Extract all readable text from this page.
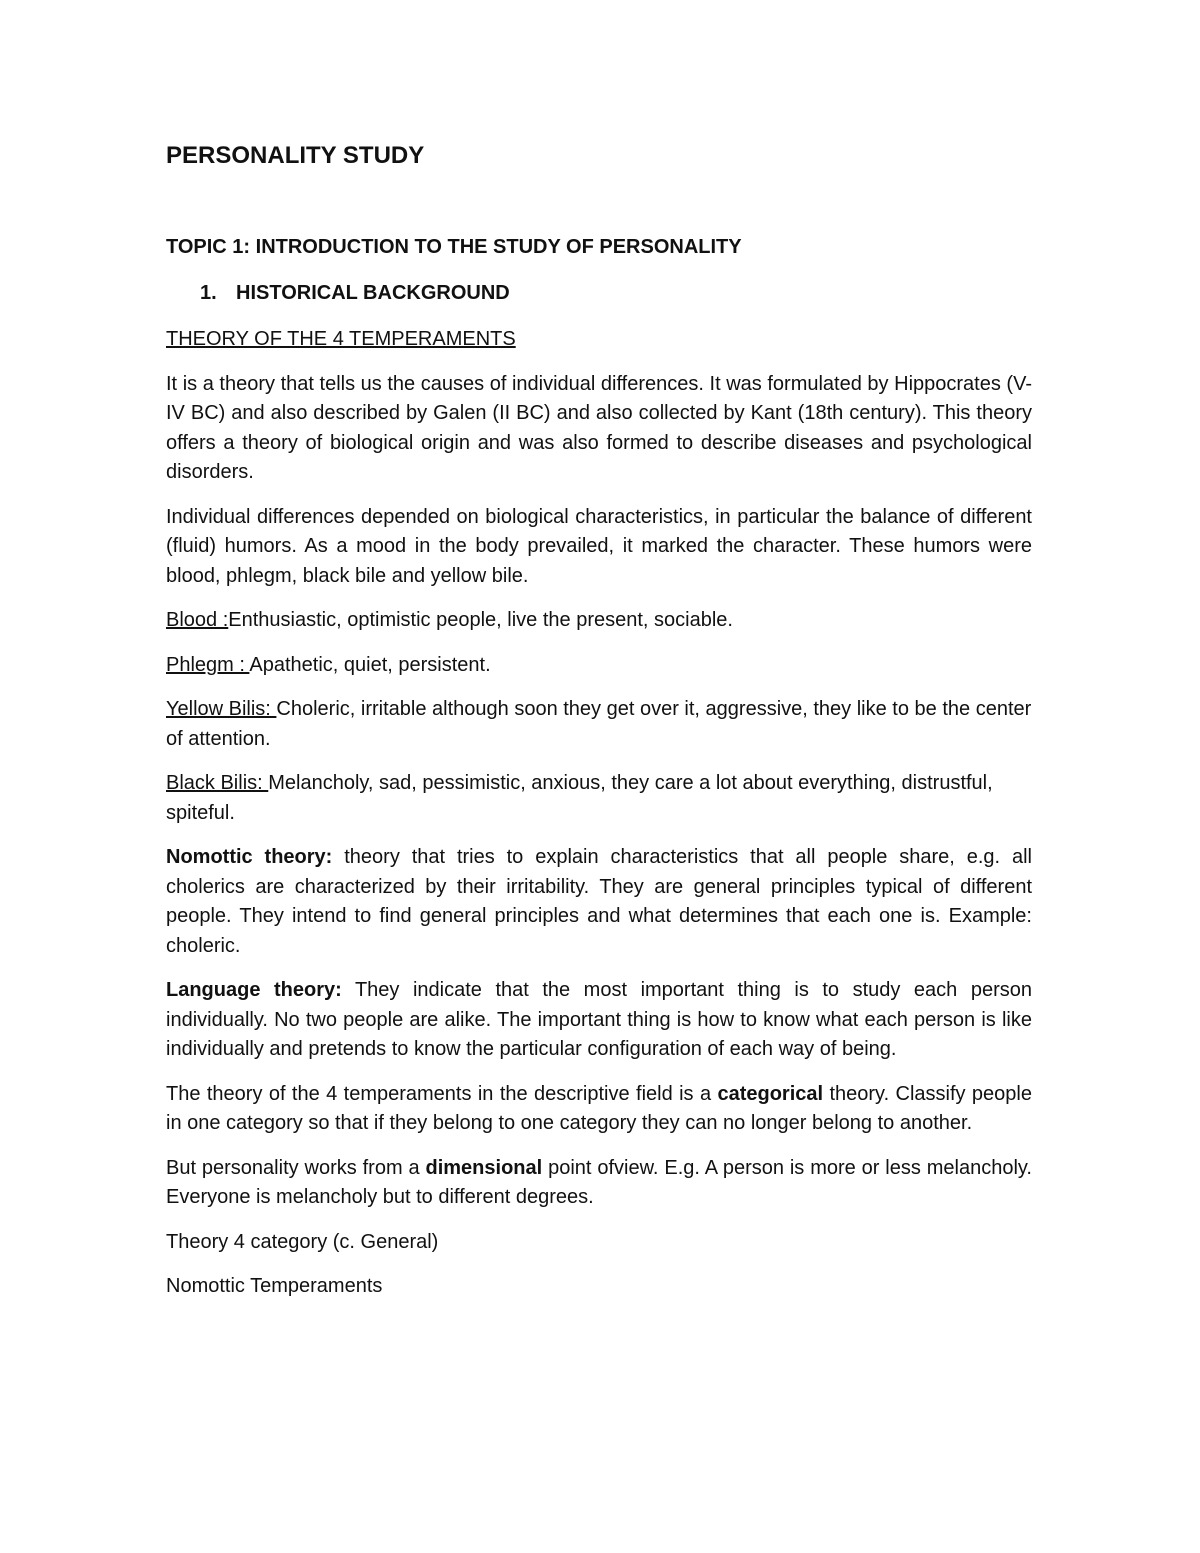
PERSONALITY STUDY
TOPIC 1: INTRODUCTION TO THE STUDY OF PERSONALITY
1. HISTORICAL BACKGROUND

THEORY OF THE 4 TEMPERAMENTS

It is a theory that tells us the causes of individual differences. It was formulated by Hippocrates (V- IV BC) and also described by Galen (II BC) and also collected by Kant (18th century). This theory offers a theory of biological origin and was also formed to describe diseases and psychological disorders.

Individual differences depended on biological characteristics, in particular the balance of different (fluid) humors. As a mood in the body prevailed, it marked the character. These humors were blood, phlegm, black bile and yellow bile.

Blood :Enthusiastic, optimistic people, live the present, sociable.

Phlegm : Apathetic, quiet, persistent.

Yellow Bilis: Choleric, irritable although soon they get over it, aggressive, they like to be the center of attention.

Black Bilis: Melancholy, sad, pessimistic, anxious, they care a lot about everything, distrustful, spiteful.

Nomottic theory: theory that tries to explain characteristics that all people share, e.g. all cholerics are characterized by their irritability. They are general principles typical of different people. They intend to find general principles and what determines that each one is. Example: choleric.

Language theory: They indicate that the most important thing is to study each person individually. No two people are alike. The important thing is how to know what each person is like individually and pretends to know the particular configuration of each way of being.

The theory of the 4 temperaments in the descriptive field is a categorical theory. Classify people in one category so that if they belong to one category they can no longer belong to another.

But personality works from a dimensional point ofview. E.g. A person is more or less melancholy. Everyone is melancholy but to different degrees.

Theory 4 category (c. General)

Nomottic Temperaments
